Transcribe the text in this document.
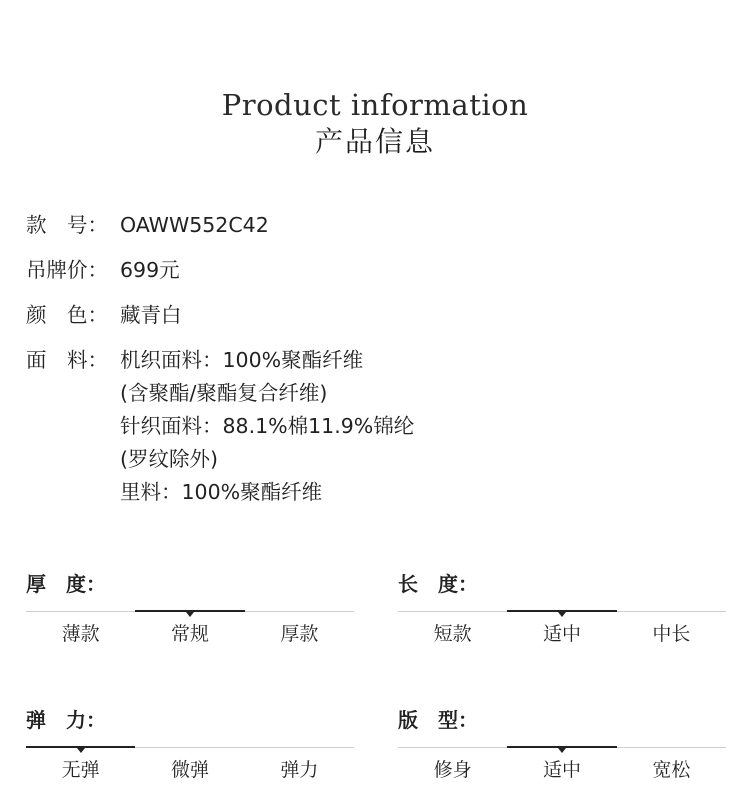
Product information
产品信息
款　号： OAWW552C42
吊牌价： 699元
颜　色： 藏青白
面　料： 机织面料：100%聚酯纤维
(含聚酯/聚酯复合纤维)
针织面料：88.1%棉11.9%锦纶
(罗纹除外)
里料：100%聚酯纤维
厚　度：
薄款	常规	厚款
长　度：
短款	适中	中长
弹　力：
无弹	微弹	弹力
版　型：
修身	适中	宽松
